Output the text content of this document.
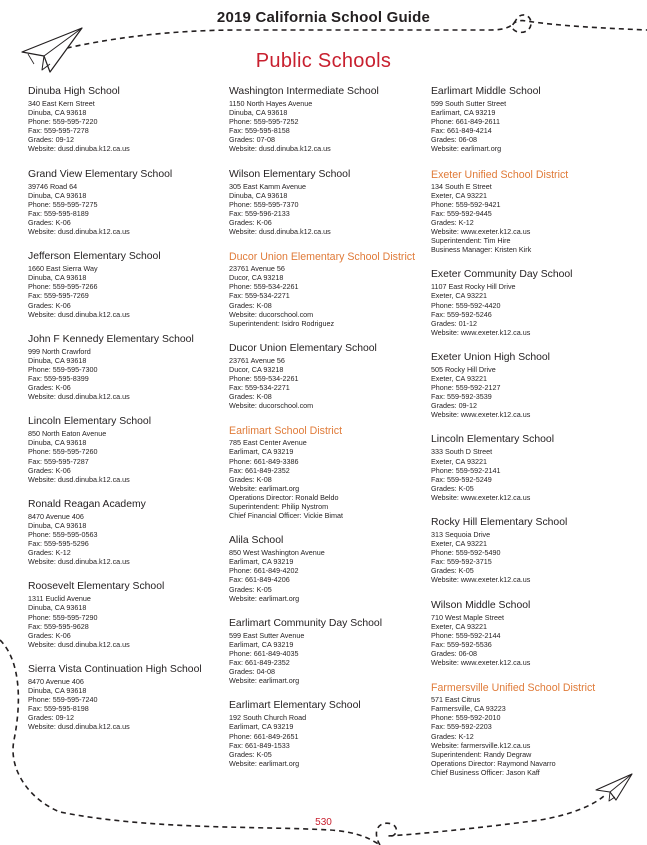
2019 California School Guide
Public Schools
Dinuba High School
340 East Kern Street
Dinuba, CA 93618
Phone: 559-595-7220
Fax: 559-595-7278
Grades: 09-12
Website: dusd.dinuba.k12.ca.us
Grand View Elementary School
39746 Road 64
Dinuba, CA 93618
Phone: 559-595-7275
Fax: 559-595-8189
Grades: K-06
Website: dusd.dinuba.k12.ca.us
Jefferson Elementary School
1660 East Sierra Way
Dinuba, CA 93618
Phone: 559-595-7266
Fax: 559-595-7269
Grades: K-06
Website: dusd.dinuba.k12.ca.us
John F Kennedy Elementary School
999 North Crawford
Dinuba, CA 93618
Phone: 559-595-7300
Fax: 559-595-8399
Grades: K-06
Website: dusd.dinuba.k12.ca.us
Lincoln Elementary School
850 North Eaton Avenue
Dinuba, CA 93618
Phone: 559-595-7260
Fax: 559-595-7287
Grades: K-06
Website: dusd.dinuba.k12.ca.us
Ronald Reagan Academy
8470 Avenue 406
Dinuba, CA 93618
Phone: 559-595-0563
Fax: 559-595-5296
Grades: K-12
Website: dusd.dinuba.k12.ca.us
Roosevelt Elementary School
1311 Euclid Avenue
Dinuba, CA 93618
Phone: 559-595-7290
Fax: 559-595-9628
Grades: K-06
Website: dusd.dinuba.k12.ca.us
Sierra Vista Continuation High School
8470 Avenue 406
Dinuba, CA 93618
Phone: 559-595-7240
Fax: 559-595-8198
Grades: 09-12
Website: dusd.dinuba.k12.ca.us
Washington Intermediate School
1150 North Hayes Avenue
Dinuba, CA 93618
Phone: 559-595-7252
Fax: 559-595-8158
Grades: 07-08
Website: dusd.dinuba.k12.ca.us
Wilson Elementary School
305 East Kamm Avenue
Dinuba, CA 93618
Phone: 559-595-7370
Fax: 559-596-2133
Grades: K-06
Website: dusd.dinuba.k12.ca.us
Ducor Union Elementary School District
23761 Avenue 56
Ducor, CA 93218
Phone: 559-534-2261
Fax: 559-534-2271
Grades: K-08
Website: ducorschool.com
Superintendent: Isidro Rodriguez
Ducor Union Elementary School
23761 Avenue 56
Ducor, CA 93218
Phone: 559-534-2261
Fax: 559-534-2271
Grades: K-08
Website: ducorschool.com
Earlimart School District
785 East Center Avenue
Earlimart, CA 93219
Phone: 661-849-3386
Fax: 661-849-2352
Grades: K-08
Website: earlimart.org
Operations Director: Ronald Beldo
Superintendent: Philip Nystrom
Chief Financial Officer: Vickie Bimat
Alila School
850 West Washington Avenue
Earlimart, CA 93219
Phone: 661-849-4202
Fax: 661-849-4206
Grades: K-05
Website: earlimart.org
Earlimart Community Day School
599 East Sutter Avenue
Earlimart, CA 93219
Phone: 661-849-4035
Fax: 661-849-2352
Grades: 04-08
Website: earlimart.org
Earlimart Elementary School
192 South Church Road
Earlimart, CA 93219
Phone: 661-849-2651
Fax: 661-849-1533
Grades: K-05
Website: earlimart.org
Earlimart Middle School
599 South Sutter Street
Earlimart, CA 93219
Phone: 661-849-2611
Fax: 661-849-4214
Grades: 06-08
Website: earlimart.org
Exeter Unified School District
134 South E Street
Exeter, CA 93221
Phone: 559-592-9421
Fax: 559-592-9445
Grades: K-12
Website: www.exeter.k12.ca.us
Superintendent: Tim Hire
Business Manager: Kristen Kirk
Exeter Community Day School
1107 East Rocky Hill Drive
Exeter, CA 93221
Phone: 559-592-4420
Fax: 559-592-5246
Grades: 01-12
Website: www.exeter.k12.ca.us
Exeter Union High School
505 Rocky Hill Drive
Exeter, CA 93221
Phone: 559-592-2127
Fax: 559-592-3539
Grades: 09-12
Website: www.exeter.k12.ca.us
Lincoln Elementary School
333 South D Street
Exeter, CA 93221
Phone: 559-592-2141
Fax: 559-592-5249
Grades: K-05
Website: www.exeter.k12.ca.us
Rocky Hill Elementary School
313 Sequoia Drive
Exeter, CA 93221
Phone: 559-592-5490
Fax: 559-592-3715
Grades: K-05
Website: www.exeter.k12.ca.us
Wilson Middle School
710 West Maple Street
Exeter, CA 93221
Phone: 559-592-2144
Fax: 559-592-5536
Grades: 06-08
Website: www.exeter.k12.ca.us
Farmersville Unified School District
571 East Citrus
Farmersville, CA 93223
Phone: 559-592-2010
Fax: 559-592-2203
Grades: K-12
Website: farmersville.k12.ca.us
Superintendent: Randy Degraw
Operations Director: Raymond Navarro
Chief Business Officer: Jason Kaff
530
